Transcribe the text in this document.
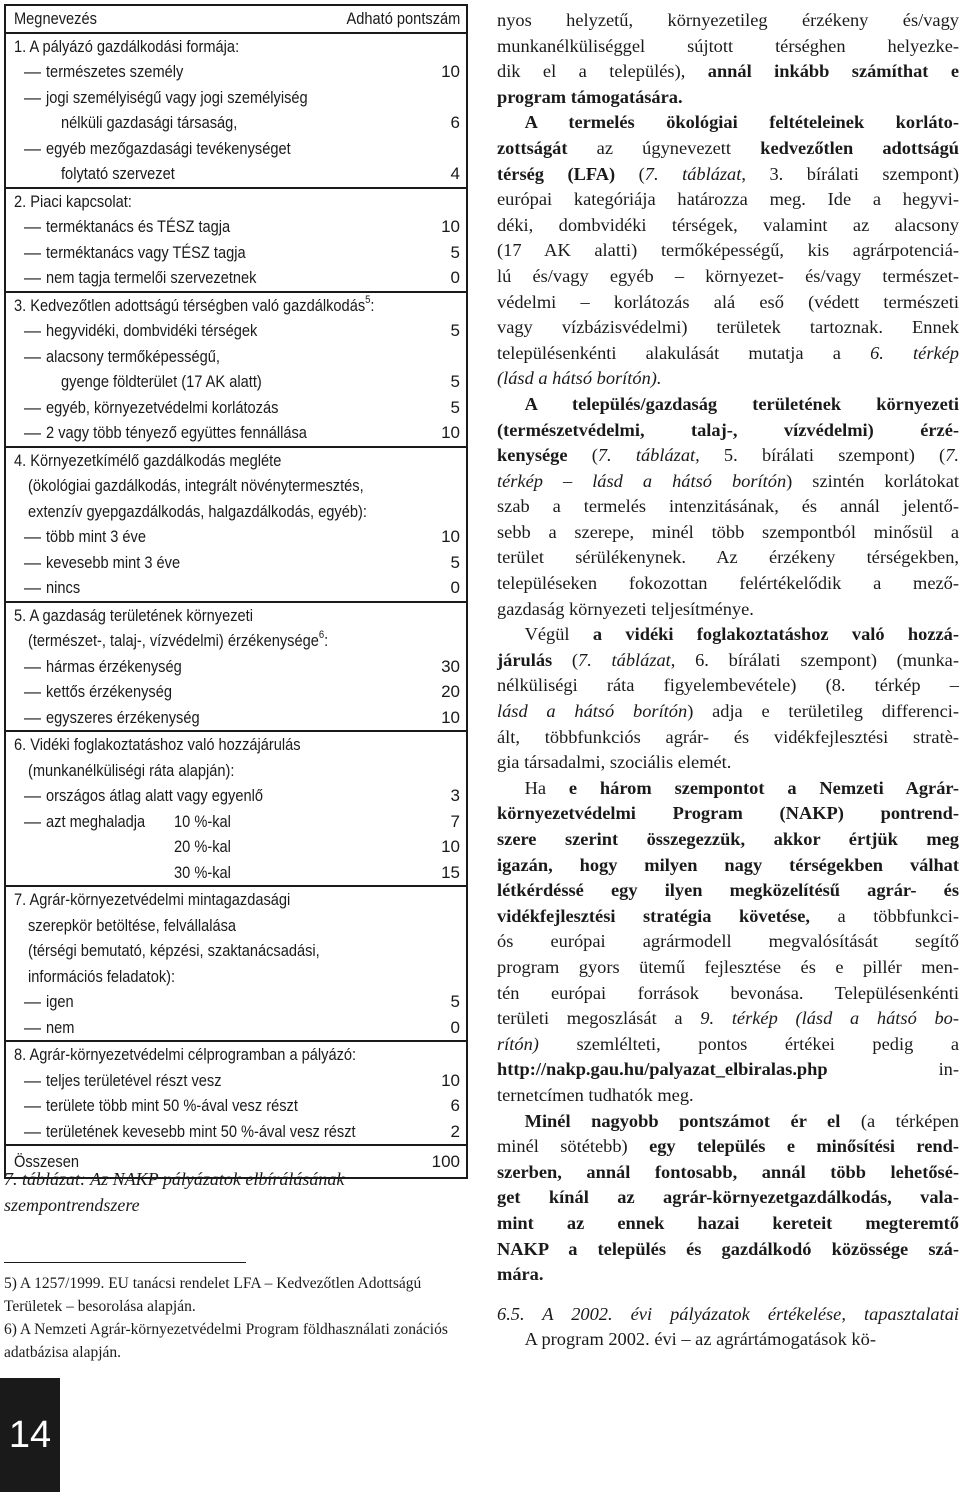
Megnevezés	Adható pontszám
1. A pályázó gazdálkodási formája:
— természetes személy	10
— jogi személyiségű vagy jogi személyiség
nélküli gazdasági társaság,	6
— egyéb mezőgazdasági tevékenységet
folytató szervezet	4
2. Piaci kapcsolat:
— terméktanács és TÉSZ tagja	10
— terméktanács vagy TÉSZ tagja	5
— nem tagja termelői szervezetnek	0
3. Kedvezőtlen adottságú térségben való gazdálkodás$^5$:
— hegyvidéki, dombvidéki térségek	5
— alacsony termőképességű,
gyenge földterület (17 AK alatt)	5
— egyéb, környezetvédelmi korlátozás	5
— 2 vagy több tényező együttes fennállása	10
4. Környezetkímélő gazdálkodás megléte
(ökológiai gazdálkodás, integrált növénytermesztés,
extenzív gyepgazdálkodás, halgazdálkodás, egyéb):
— több mint 3 éve	10
— kevesebb mint 3 éve	5
— nincs	0
5. A gazdaság területének környezeti
(természet-, talaj-, vízvédelmi) érzékenysége$^6$:
— hármas érzékenység	30
— kettős érzékenység	20
— egyszeres érzékenység	10
6. Vidéki foglakoztatáshoz való hozzájárulás
(munkanélküliségi ráta alapján):
— országos átlag alatt vagy egyenlő	3
— azt meghaladja	10 %-kal	7
20 %-kal	10
30 %-kal	15
7. Agrár-környezetvédelmi mintagazdasági
szerepkör betöltése, felvállalása
(térségi bemutató, képzési, szaktanácsadási,
információs feladatok):
— igen	5
— nem	0
8. Agrár-környezetvédelmi célprogramban a pályázó:
— teljes területével részt vesz	10
— területe több mint 50 %-ával vesz részt	6
— területének kevesebb mint 50 %-ával vesz részt	2
Összesen	100
7. táblázat: Az NAKP pályázatok elbírálásának szempontrendszere
5) A 1257/1999. EU tanácsi rendelet LFA – Kedvezőtlen Adottságú Területek – besorolása alapján.
6) A Nemzeti Agrár-környezetvédelmi Program földhasználati zonációs adatbázisa alapján.
14

nyos helyzetű, környezetileg érzékeny és/vagy
munkanélküliséggel sújtott térséghen helyezke-
dik el a település), annál inkább számíthat e
program támogatására.

  A termelés ökológiai feltételeinek korláto-
zottságát az úgynevezett kedvezőtlen adottságú
térség (LFA) (7. táblázat, 3. bírálati szempont)
európai kategóriája határozza meg. Ide a hegyvi-
déki, dombvidéki térségek, valamint az alacsony
(17 AK alatti) termőképességű, kis agrárpotenciá-
lú és/vagy egyéb – környezet- és/vagy természet-
védelmi – korlátozás alá eső (védett természeti
vagy vízbázisvédelmi) területek tartoznak. Ennek
településenkénti alakulását mutatja a 6. térkép
(lásd a hátsó borítón).

  A település/gazdaság területének környezeti
(természetvédelmi, talaj-, vízvédelmi) érzé-
kenysége (7. táblázat, 5. bírálati szempont) (7.
térkép – lásd a hátsó borítón) szintén korlátokat
szab a termelés intenzitásának, és annál jelentő-
sebb a szerepe, minél több szempontból minősül a
terület sérülékenynek. Az érzékeny térségekben,
településeken fokozottan felértékelődik a mező-
gazdaság környezeti teljesítménye.

  Végül a vidéki foglakoztatáshoz való hozzá-
járulás (7. táblázat, 6. bírálati szempont) (munka-
nélküliségi ráta figyelembevétele) (8. térkép –
lásd a hátsó borítón) adja e területileg differenci-
ált, többfunkciós agrár- és vidékfejlesztési stratè-
gia társadalmi, szociális elemét.

  Ha e három szempontot a Nemzeti Agrár-
környezetvédelmi Program (NAKP) pontrend-
szere szerint összegezzük, akkor értjük meg
igazán, hogy milyen nagy térségekben válhat
létkérdéssé egy ilyen megközelítésű agrár- és
vidékfejlesztési stratégia követése, a többfunkci-
ós európai agrármodell megvalósítását segítő
program gyors ütemű fejlesztése és e pillér men-
tén európai források bevonása. Településenkénti
területi megoszlását a 9. térkép (lásd a hátsó bo-
rítón) szemlélteti, pontos értékei pedig a
http://nakp.gau.hu/palyazat_elbiralas.php in-
ternetcímen tudhatók meg.

  Minél nagyobb pontszámot ér el (a térképen
minél sötétebb) egy település e minősítési rend-
szerben, annál fontosabb, annál több lehetősé-
get kínál az agrár-környezetgazdálkodás, vala-
mint az ennek hazai kereteit megteremtő
NAKP a település és gazdálkodó közössége szá-
mára.

6.5. A 2002. évi pályázatok értékelése, tapasztalatai
  A program 2002. évi – az agrártámogatások kö-
